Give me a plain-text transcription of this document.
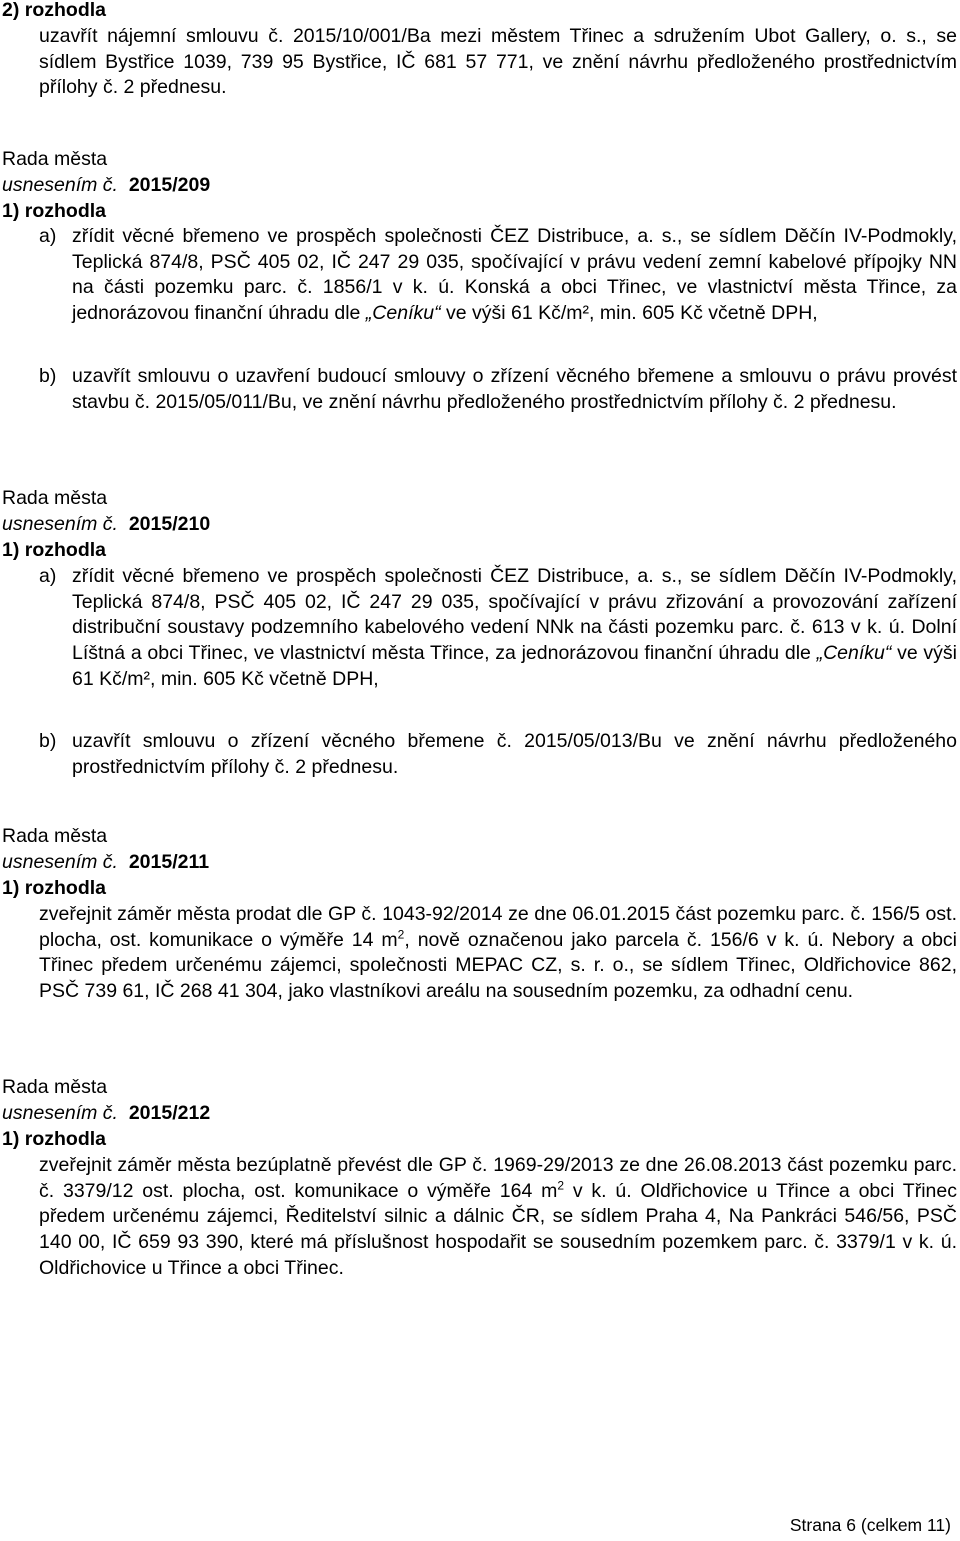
2) rozhodla
uzavřít nájemní smlouvu č. 2015/10/001/Ba mezi městem Třinec a sdružením Ubot Gallery, o. s., se sídlem Bystřice 1039, 739 95 Bystřice, IČ 681 57 771, ve znění návrhu předloženého prostřednictvím přílohy č. 2 přednesu.
Rada města
usnesením č. 2015/209
1) rozhodla
a) zřídit věcné břemeno ve prospěch společnosti ČEZ Distribuce, a. s., se sídlem Děčín IV-Podmokly, Teplická 874/8, PSČ 405 02, IČ 247 29 035, spočívající v právu vedení zemní kabelové přípojky NN na části pozemku parc. č. 1856/1 v k. ú. Konská a obci Třinec, ve vlastnictví města Třince, za jednorázovou finanční úhradu dle „Ceníku“ ve výši 61 Kč/m², min. 605 Kč včetně DPH,
b) uzavřít smlouvu o uzavření budoucí smlouvy o zřízení věcného břemene a smlouvu o právu provést stavbu č. 2015/05/011/Bu, ve znění návrhu předloženého prostřednictvím přílohy č. 2 přednesu.
Rada města
usnesením č. 2015/210
1) rozhodla
a) zřídit věcné břemeno ve prospěch společnosti ČEZ Distribuce, a. s., se sídlem Děčín IV-Podmokly, Teplická 874/8, PSČ 405 02, IČ 247 29 035, spočívající v právu zřizování a provozování zařízení distribuční soustavy podzemního kabelového vedení NNk na části pozemku parc. č. 613 v k. ú. Dolní Líštná a obci Třinec, ve vlastnictví města Třince, za jednorázovou finanční úhradu dle „Ceníku“ ve výši 61 Kč/m², min. 605 Kč včetně DPH,
b) uzavřít smlouvu o zřízení věcného břemene č. 2015/05/013/Bu ve znění návrhu předloženého prostřednictvím přílohy č. 2 přednesu.
Rada města
usnesením č. 2015/211
1) rozhodla
zveřejnit záměr města prodat dle GP č. 1043-92/2014 ze dne 06.01.2015 část pozemku parc. č. 156/5 ost. plocha, ost. komunikace o výměře 14 $m^2$, nově označenou jako parcela č. 156/6 v k. ú. Nebory a obci Třinec předem určenému zájemci, společnosti MEPAC CZ, s. r. o., se sídlem Třinec, Oldřichovice 862, PSČ 739 61, IČ 268 41 304, jako vlastníkovi areálu na sousedním pozemku, za odhadní cenu.
Rada města
usnesením č. 2015/212
1) rozhodla
zveřejnit záměr města bezúplatně převést dle GP č. 1969-29/2013 ze dne 26.08.2013 část pozemku parc. č. 3379/12 ost. plocha, ost. komunikace o výměře 164 $m^2$ v k. ú. Oldřichovice u Třince a obci Třinec předem určenému zájemci, Ředitelství silnic a dálnic ČR, se sídlem Praha 4, Na Pankráci 546/56, PSČ 140 00, IČ 659 93 390, které má příslušnost hospodařit se sousedním pozemkem parc. č. 3379/1 v k. ú. Oldřichovice u Třince a obci Třinec.
Strana 6 (celkem 11)
